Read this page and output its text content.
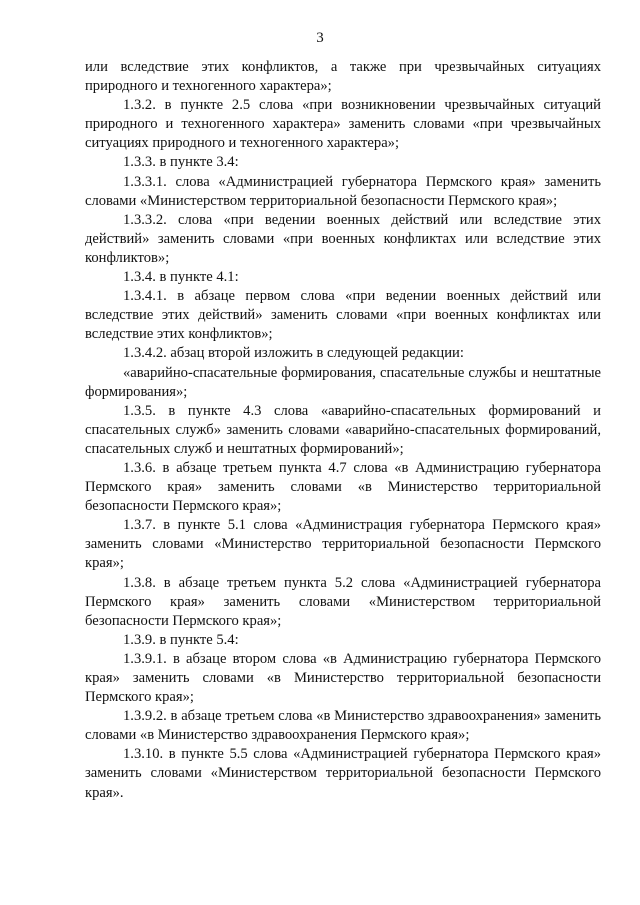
3

или вследствие этих конфликтов, а также при чрезвычайных ситуациях природного и техногенного характера»;

1.3.2. в пункте 2.5 слова «при возникновении чрезвычайных ситуаций природного и техногенного характера» заменить словами «при чрезвычайных ситуациях природного и техногенного характера»;

1.3.3. в пункте 3.4:

1.3.3.1. слова «Администрацией губернатора Пермского края» заменить словами «Министерством территориальной безопасности Пермского края»;

1.3.3.2. слова «при ведении военных действий или вследствие этих действий» заменить словами «при военных конфликтах или вследствие этих конфликтов»;

1.3.4. в пункте 4.1:

1.3.4.1. в абзаце первом слова «при ведении военных действий или вследствие этих действий» заменить словами «при военных конфликтах или вследствие этих конфликтов»;

1.3.4.2. абзац второй изложить в следующей редакции:

«аварийно-спасательные формирования, спасательные службы и нештатные формирования»;

1.3.5. в пункте 4.3 слова «аварийно-спасательных формирований и спасательных служб» заменить словами «аварийно-спасательных формирований, спасательных служб и нештатных формирований»;

1.3.6. в абзаце третьем пункта 4.7 слова «в Администрацию губернатора Пермского края» заменить словами «в Министерство территориальной безопасности Пермского края»;

1.3.7. в пункте 5.1 слова «Администрация губернатора Пермского края» заменить словами «Министерство территориальной безопасности Пермского края»;

1.3.8. в абзаце третьем пункта 5.2 слова «Администрацией губернатора Пермского края» заменить словами «Министерством территориальной безопасности Пермского края»;

1.3.9. в пункте 5.4:

1.3.9.1. в абзаце втором слова «в Администрацию губернатора Пермского края» заменить словами «в Министерство территориальной безопасности Пермского края»;

1.3.9.2. в абзаце третьем слова «в Министерство здравоохранения» заменить словами «в Министерство здравоохранения Пермского края»;

1.3.10. в пункте 5.5 слова «Администрацией губернатора Пермского края» заменить словами «Министерством территориальной безопасности Пермского края».
